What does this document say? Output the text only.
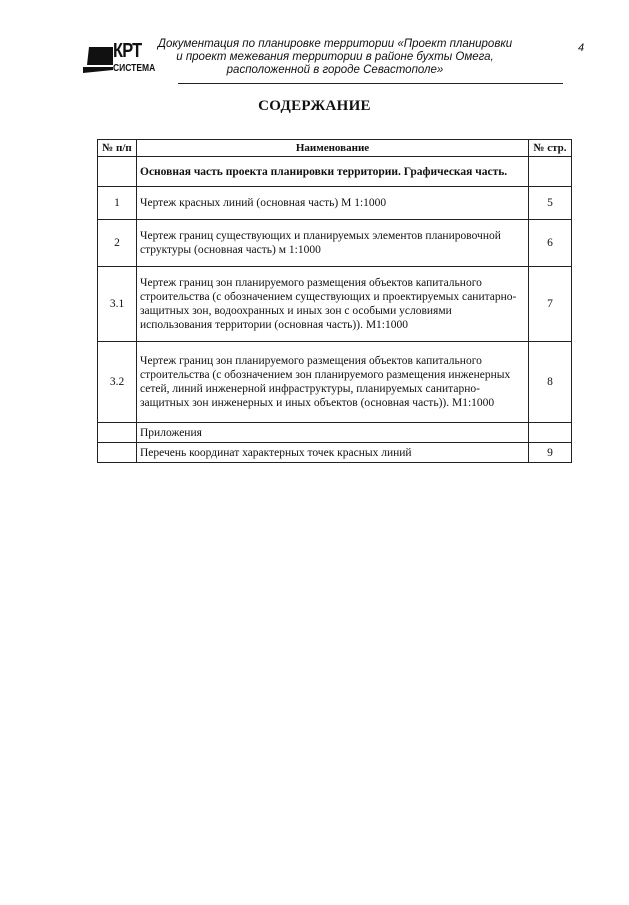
КРТ
СИСТЕМА
Документация по планировке территории «Проект планировки
и проект межевания территории в районе бухты Омега,
расположенной в городе Севастополе»
4
СОДЕРЖАНИЕ
№ п/п	Наименование	№ стр.
	Основная часть проекта планировки территории. Графическая часть.	
1	Чертеж красных линий (основная часть) М 1:1000	5
2	Чертеж границ существующих и планируемых элементов планировочной структуры (основная часть) м 1:1000	6
3.1	Чертеж границ зон планируемого размещения объектов капитального строительства (с обозначением существующих и проектируемых санитарно-защитных зон, водоохранных и иных зон с особыми условиями использования территории (основная часть)). М1:1000	7
3.2	Чертеж границ зон планируемого размещения объектов капитального строительства (с обозначением зон планируемого размещения инженерных сетей, линий инженерной инфраструктуры, планируемых санитарно-защитных зон инженерных и иных объектов (основная часть)). М1:1000	8
	Приложения	
	Перечень координат характерных точек красных линий	9
